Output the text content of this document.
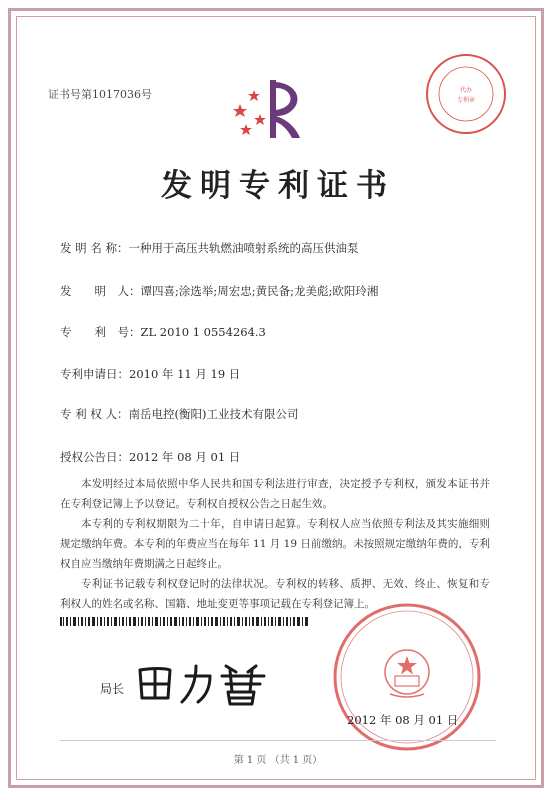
证书号第1017036号	代办
专利章
发明专利证书
发 明 名 称：一种用于高压共轨燃油喷射系统的高压供油泵
发　　明　人：谭四喜;涂选举;周宏忠;黄民备;龙美彪;欧阳玲湘
专　　利　号：ZL 2010 1 0554264.3
专利申请日：2010 年 11 月 19 日
专 利 权 人：南岳电控(衡阳)工业技术有限公司
授权公告日：2012 年 08 月 01 日

本发明经过本局依照中华人民共和国专利法进行审查，决定授予专利权，颁发本证书并在专利登记簿上予以登记。专利权自授权公告之日起生效。

本专利的专利权期限为二十年，自申请日起算。专利权人应当依照专利法及其实施细则规定缴纳年费。本专利的年费应当在每年 11 月 19 日前缴纳。未按照规定缴纳年费的，专利权自应当缴纳年费期满之日起终止。

专利证书记载专利权登记时的法律状况。专利权的转移、质押、无效、终止、恢复和专利权人的姓名或名称、国籍、地址变更等事项记载在专利登记簿上。

局长
2012 年 08 月 01 日
第 1 页 （共 1 页）
